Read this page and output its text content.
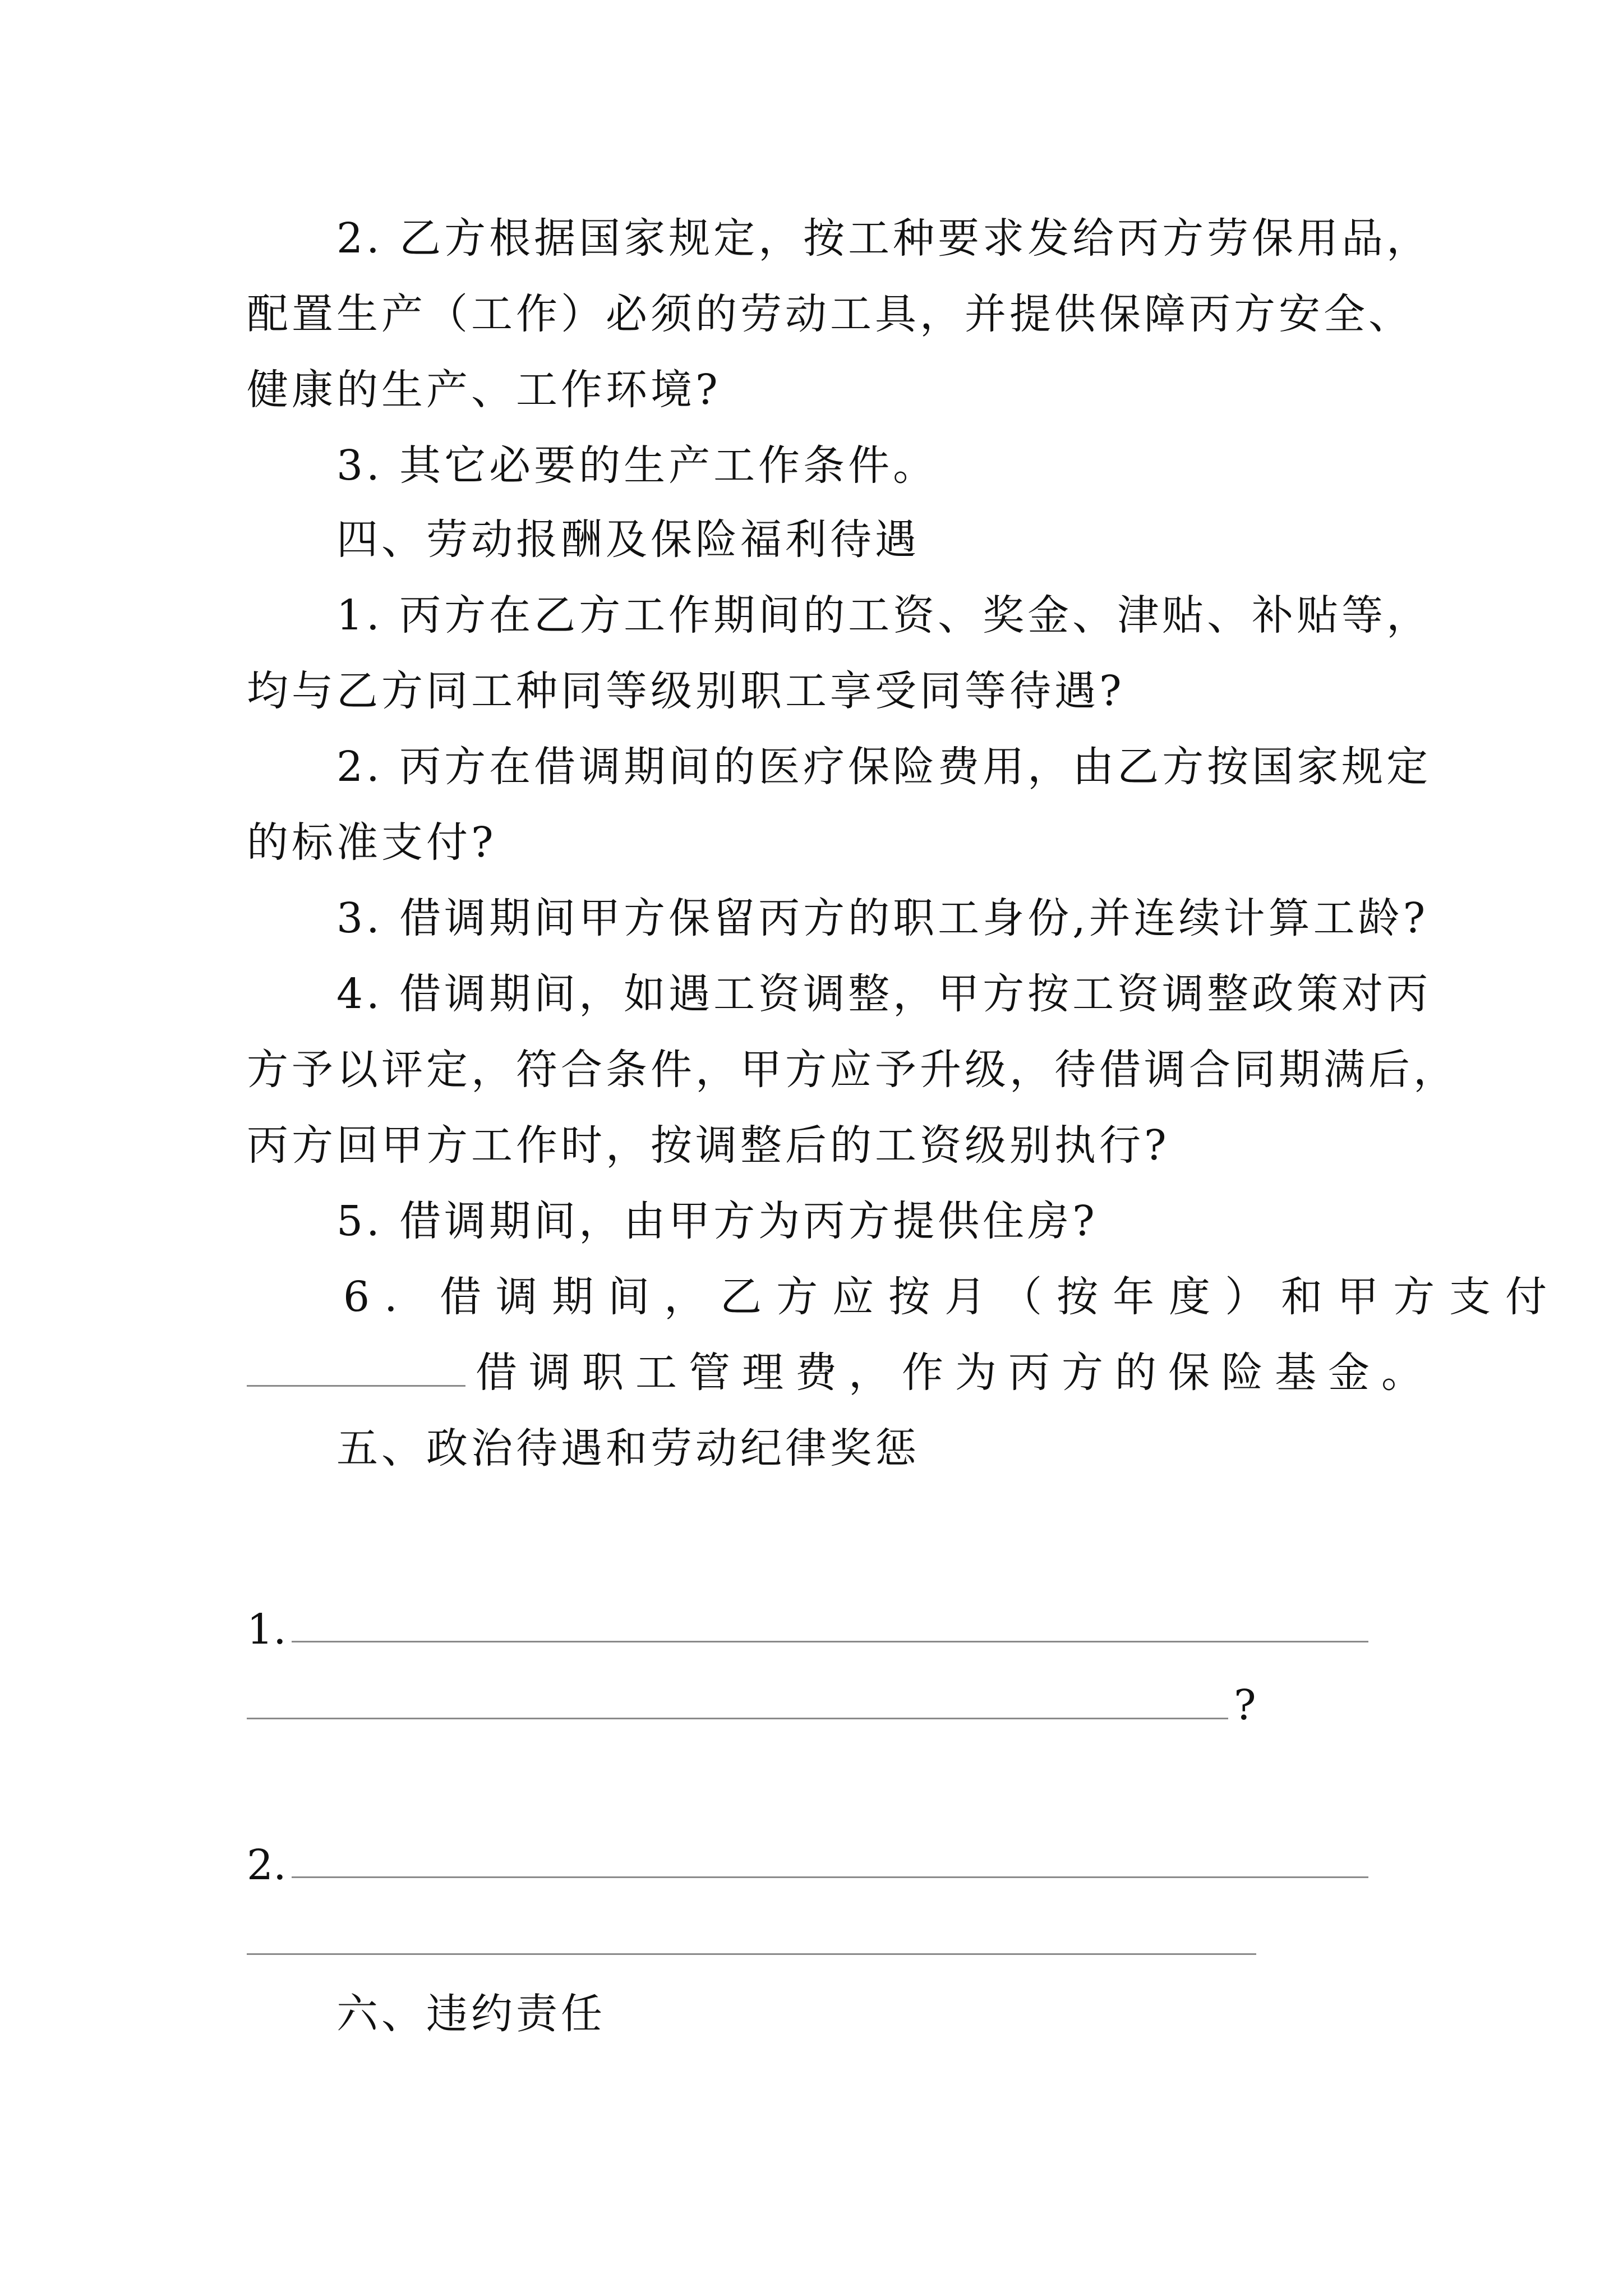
2. 乙方根据国家规定，按工种要求发给丙方劳保用品，
配置生产（工作）必须的劳动工具，并提供保障丙方安全、
健康的生产、工作环境?
3. 其它必要的生产工作条件。
四、劳动报酬及保险福利待遇
1. 丙方在乙方工作期间的工资、奖金、津贴、补贴等，
均与乙方同工种同等级别职工享受同等待遇?
2. 丙方在借调期间的医疗保险费用，由乙方按国家规定
的标准支付?
3. 借调期间甲方保留丙方的职工身份,并连续计算工龄?
4. 借调期间，如遇工资调整，甲方按工资调整政策对丙
方予以评定，符合条件，甲方应予升级，待借调合同期满后，
丙方回甲方工作时，按调整后的工资级别执行?
5. 借调期间，由甲方为丙方提供住房?
6. 借调期间，乙方应按月（按年度）和甲方支付
借调职工管理费，作为丙方的保险基金。
五、政治待遇和劳动纪律奖惩
1.
?
2.
六、违约责任
